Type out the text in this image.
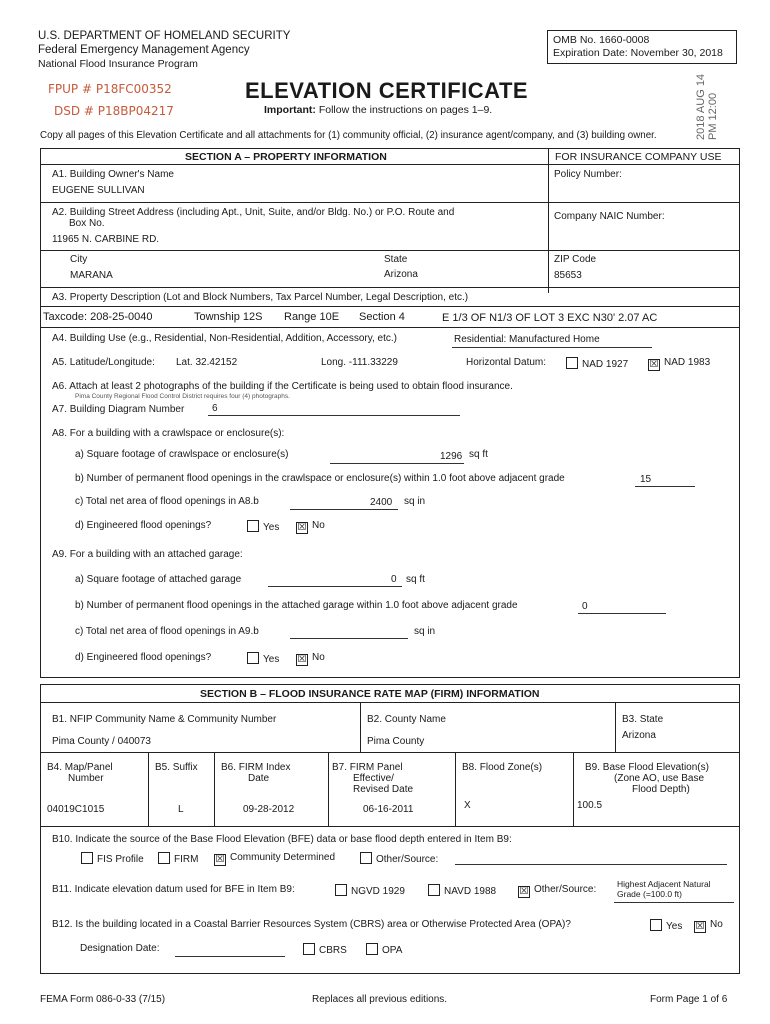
U.S. DEPARTMENT OF HOMELAND SECURITY
Federal Emergency Management Agency
National Flood Insurance Program
OMB No. 1660-0008
Expiration Date: November 30, 2018
FPUP # P18FC00352
DSD # P18BP04217
ELEVATION CERTIFICATE
Important: Follow the instructions on pages 1–9.	2018 AUG 14 PM 12:00
Copy all pages of this Elevation Certificate and all attachments for (1) community official, (2) insurance agent/company, and (3) building owner.
SECTION A – PROPERTY INFORMATION	FOR INSURANCE COMPANY USE
A1. Building Owner's Name
EUGENE SULLIVAN
Policy Number:
A2. Building Street Address (including Apt., Unit, Suite, and/or Bldg. No.) or P.O. Route and
Box No.
11965 N. CARBINE RD.
Company NAIC Number:
City
MARANA
State
Arizona
ZIP Code
85653
A3. Property Description (Lot and Block Numbers, Tax Parcel Number, Legal Description, etc.)
Taxcode: 208-25-0040	Township 12S Range 10E Section 4	E 1/3 OF N1/3 OF LOT 3 EXC N30' 2.07 AC
A4. Building Use (e.g., Residential, Non-Residential, Addition, Accessory, etc.)	Residential: Manufactured Home
A5. Latitude/Longitude: Lat. 32.42152	Long. -111.33229	Horizontal Datum:	NAD 1927 ☒ NAD 1983
A6. Attach at least 2 photographs of the building if the Certificate is being used to obtain flood insurance.
Pima County Regional Flood Control District requires four (4) photographs.
A7. Building Diagram Number	6
A8. For a building with a crawlspace or enclosure(s):
a) Square footage of crawlspace or enclosure(s)	1296 sq ft
b) Number of permanent flood openings in the crawlspace or enclosure(s) within 1.0 foot above adjacent grade	15
c) Total net area of flood openings in A8.b	2400 sq in
d) Engineered flood openings?	Yes ☒ No
A9. For a building with an attached garage:
a) Square footage of attached garage	0 sq ft
b) Number of permanent flood openings in the attached garage within 1.0 foot above adjacent grade	0
c) Total net area of flood openings in A9.b	sq in
d) Engineered flood openings?	Yes ☒ No
SECTION B – FLOOD INSURANCE RATE MAP (FIRM) INFORMATION
B1. NFIP Community Name & Community Number
Pima County / 040073
B2. County Name
Pima County
B3. State
Arizona
B4. Map/Panel
Number
04019C1015
B5. Suffix
L
B6. FIRM Index
Date
09-28-2012
B7. FIRM Panel
Effective/
Revised Date
06-16-2011
B8. Flood Zone(s)
X
B9. Base Flood Elevation(s)
(Zone AO, use Base
Flood Depth)
100.5
B10. Indicate the source of the Base Flood Elevation (BFE) data or base flood depth entered in Item B9:
FIS Profile	FIRM ☒ Community Determined	Other/Source:
B11. Indicate elevation datum used for BFE in Item B9:	NGVD 1929	NAVD 1988 ☒ Other/Source: Highest Adjacent Natural
Grade (=100.0 ft)
B12. Is the building located in a Coastal Barrier Resources System (CBRS) area or Otherwise Protected Area (OPA)?	Yes ☒ No
Designation Date:	CBRS	OPA
FEMA Form 086-0-33 (7/15)	Replaces all previous editions.	Form Page 1 of 6
